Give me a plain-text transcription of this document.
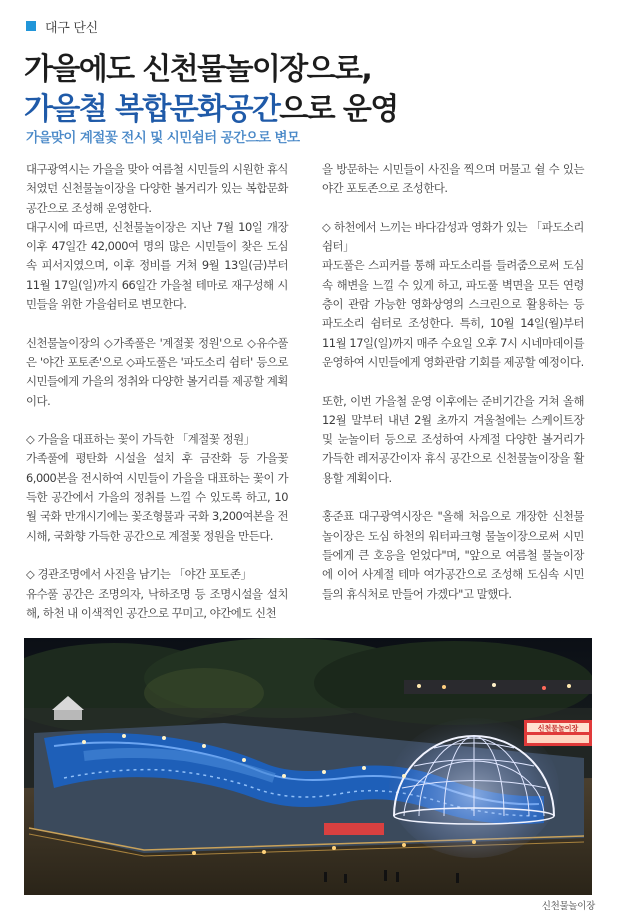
대구 단신
가을에도 신천물놀이장으로,
가을철 복합문화공간으로 운영
가을맞이 계절꽃 전시 및 시민쉼터 공간으로 변모

대구광역시는 가을을 맞아 여름철 시민들의 시원한 휴식처였던 신천물놀이장을 다양한 볼거리가 있는 복합문화공간으로 조성해 운영한다.

대구시에 따르면, 신천물놀이장은 지난 7월 10일 개장 이후 47일간 42,000여 명의 많은 시민들이 찾은 도심 속 피서지였으며, 이후 정비를 거쳐 9월 13일(금)부터 11월 17일(일)까지 66일간 가을철 테마로 재구성해 시민들을 위한 가을쉼터로 변모한다.

신천물놀이장의 ◇가족풀은 '계절꽃 정원'으로 ◇유수풀은 '야간 포토존'으로 ◇파도풀은 '파도소리 쉼터' 등으로 시민들에게 가을의 정취와 다양한 볼거리를 제공할 계획이다.

◇ 가을을 대표하는 꽃이 가득한 「계절꽃 정원」

가족풀에 평탄화 시설을 설치 후 금잔화 등 가을꽃 6,000본을 전시하여 시민들이 가을을 대표하는 꽃이 가득한 공간에서 가을의 정취를 느낄 수 있도록 하고, 10월 국화 만개시기에는 꽃조형물과 국화 3,200여본을 전시해, 국화향 가득한 공간으로 계절꽃 정원을 만든다.

◇ 경관조명에서 사진을 남기는 「야간 포토존」

유수풀 공간은 조명의자, 낙하조명 등 조명시설을 설치해, 하천 내 이색적인 공간으로 꾸미고, 야간에도 신천

을 방문하는 시민들이 사진을 찍으며 머물고 쉴 수 있는 야간 포토존으로 조성한다.

◇ 하천에서 느끼는 바다감성과 영화가 있는 「파도소리 쉼터」

파도풀은 스피커를 통해 파도소리를 들려줌으로써 도심 속 해변을 느낄 수 있게 하고, 파도풀 벽면을 모든 연령층이 관람 가능한 영화상영의 스크린으로 활용하는 등 파도소리 쉼터로 조성한다. 특히, 10월 14일(월)부터 11월 17일(일)까지 매주 수요일 오후 7시 시네마데이를 운영하여 시민들에게 영화관람 기회를 제공할 예정이다.

또한, 이번 가을철 운영 이후에는 준비기간을 거쳐 올해 12월 말부터 내년 2월 초까지 겨울철에는 스케이트장 및 눈놀이터 등으로 조성하여 사계절 다양한 볼거리가 가득한 레저공간이자 휴식 공간으로 신천물놀이장을 활용할 계획이다.

홍준표 대구광역시장은 "올해 처음으로 개장한 신천물놀이장은 도심 하천의 워터파크형 물놀이장으로써 시민들에게 큰 호응을 얻었다"며, "앞으로 여름철 물놀이장에 이어 사계절 테마 여가공간으로 조성해 도심속 시민들의 휴식처로 만들어 가겠다"고 말했다.

신천물놀이장
신천물놀이장
